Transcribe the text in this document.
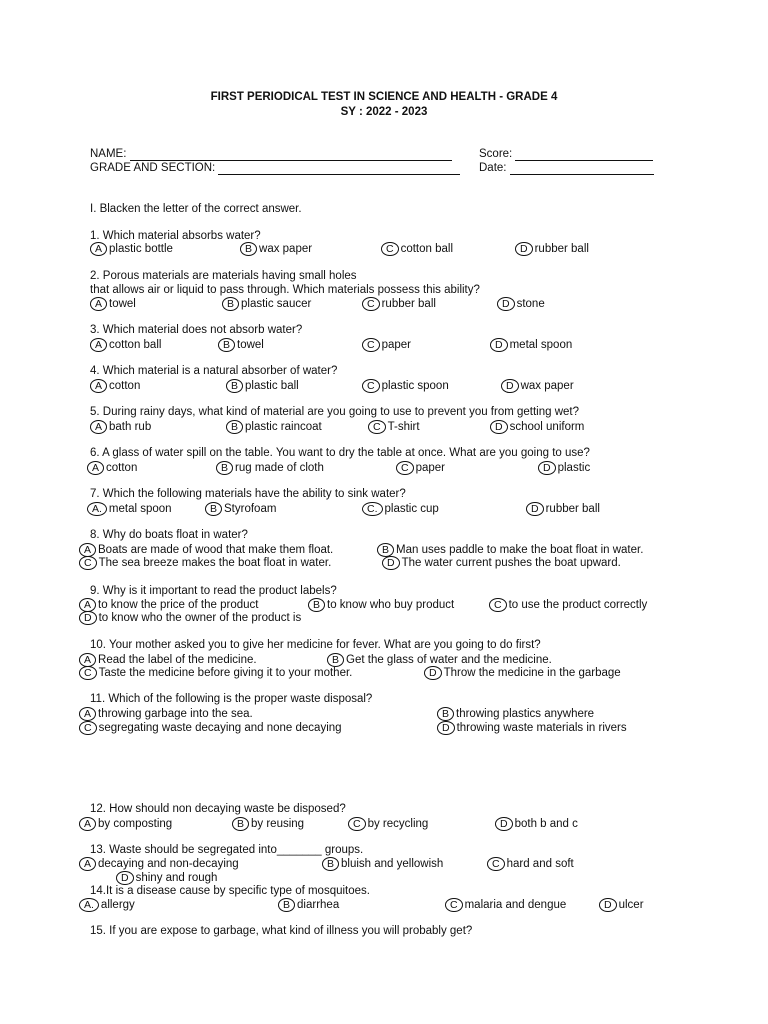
FIRST PERIODICAL TEST IN SCIENCE AND HEALTH - GRADE 4
SY : 2022 - 2023
NAME:
GRADE AND SECTION:
Score:
Date:
I. Blacken the letter of the correct answer.
1. Which material absorbs water?
A plastic bottle	B wax paper	C cotton ball	D rubber ball
2. Porous materials are materials having small holes
that allows air or liquid to pass through. Which materials possess this ability?
A towel	B plastic saucer	C rubber ball	D stone
3. Which material does not absorb water?
A cotton ball	B towel	C paper	D metal spoon
4. Which material is a natural absorber of water?
A cotton	B plastic ball	C plastic spoon	D wax paper
5. During rainy days, what kind of material are you going to use to prevent you from getting wet?
A bath rub	B plastic raincoat	C T-shirt	D school uniform
6. A glass of water spill on the table. You want to dry the table at once. What are you going to use?
A cotton	B rug made of cloth	C paper	D plastic
7. Which the following materials have the ability to sink water?
A. metal spoon	B Styrofoam	C. plastic cup	D rubber ball
8. Why do boats float in water?
A Boats are made of wood that make them float.	B Man uses paddle to make the boat float in water.
C The sea breeze makes the boat float in water.	D The water current pushes the boat upward.
9. Why is it important to read the product labels?
A to know the price of the product	B to know who buy product	C to use the product correctly
D to know who the owner of the product is
10. Your mother asked you to give her medicine for fever. What are you going to do first?
A Read the label of the medicine.	B Get the glass of water and the medicine.
C Taste the medicine before giving it to your mother.	D Throw the medicine in the garbage
11. Which of the following is the proper waste disposal?
A throwing garbage into the sea.	B throwing plastics anywhere
C segregating waste decaying and none decaying	D throwing waste materials in rivers
12. How should non decaying waste be disposed?
A by composting	B by reusing	C by recycling	D both b and c
13. Waste should be segregated into_______ groups.
A decaying and non-decaying	B bluish and yellowish	C hard and soft
D shiny and rough
14.It is a disease cause by specific type of mosquitoes.
A. allergy	B diarrhea	C malaria and dengue	D ulcer
15. If you are expose to garbage, what kind of illness you will probably get?
